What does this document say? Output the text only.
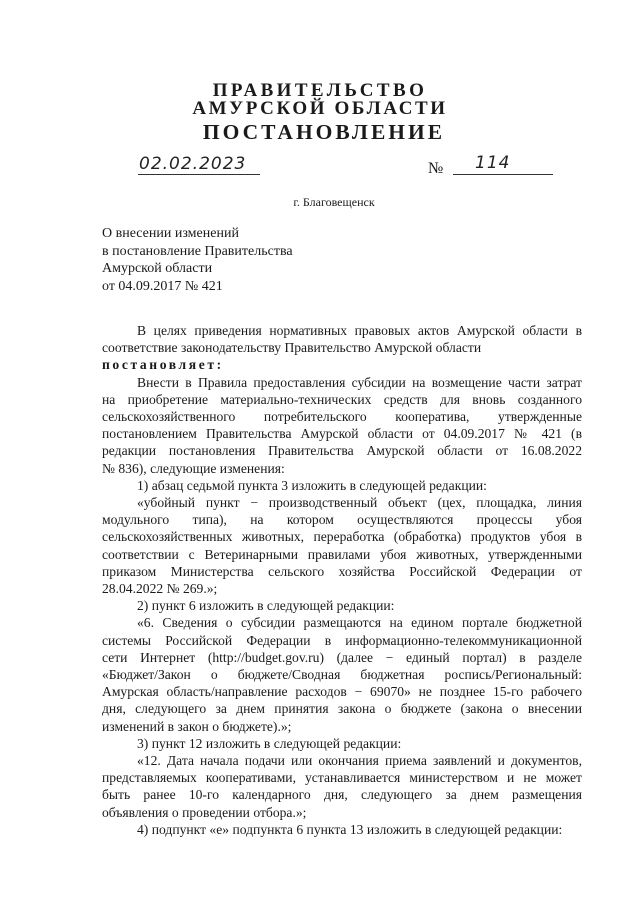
ПРАВИТЕЛЬСТВО
АМУРСКОЙ ОБЛАСТИ
ПОСТАНОВЛЕНИЕ
02.02.2023	№ 114
г. Благовещенск
О внесении изменений
в постановление Правительства
Амурской области
от 04.09.2017 № 421

В целях приведения нормативных правовых актов Амурской области в
соответствие законодательству Правительство Амурской области

постановляет:

Внести в Правила предоставления субсидии на возмещение части затрат
на приобретение материально-технических средств для вновь созданного
сельскохозяйственного потребительского кооператива, утвержденные
постановлением Правительства Амурской области от 04.09.2017 № 421 (в
редакции постановления Правительства Амурской области от 16.08.2022
№ 836), следующие изменения:

1) абзац седьмой пункта 3 изложить в следующей редакции:
«убойный пункт − производственный объект (цех, площадка, линия
модульного типа), на котором осуществляются процессы убоя
сельскохозяйственных животных, переработка (обработка) продуктов убоя в
соответствии с Ветеринарными правилами убоя животных, утвержденными
приказом Министерства сельского хозяйства Российской Федерации от
28.04.2022 № 269.»;

2) пункт 6 изложить в следующей редакции:
«6. Сведения о субсидии размещаются на едином портале бюджетной
системы Российской Федерации в информационно-телекоммуникационной
сети Интернет (http://budget.gov.ru) (далее − единый портал) в разделе
«Бюджет/Закон о бюджете/Сводная бюджетная роспись/Региональный:
Амурская область/направление расходов − 69070» не позднее 15-го рабочего
дня, следующего за днем принятия закона о бюджете (закона о внесении
изменений в закон о бюджете).»;

3) пункт 12 изложить в следующей редакции:
«12. Дата начала подачи или окончания приема заявлений и документов,
представляемых кооперативами, устанавливается министерством и не может
быть ранее 10-го календарного дня, следующего за днем размещения
объявления о проведении отбора.»;

4) подпункт «е» подпункта 6 пункта 13 изложить в следующей редакции:
